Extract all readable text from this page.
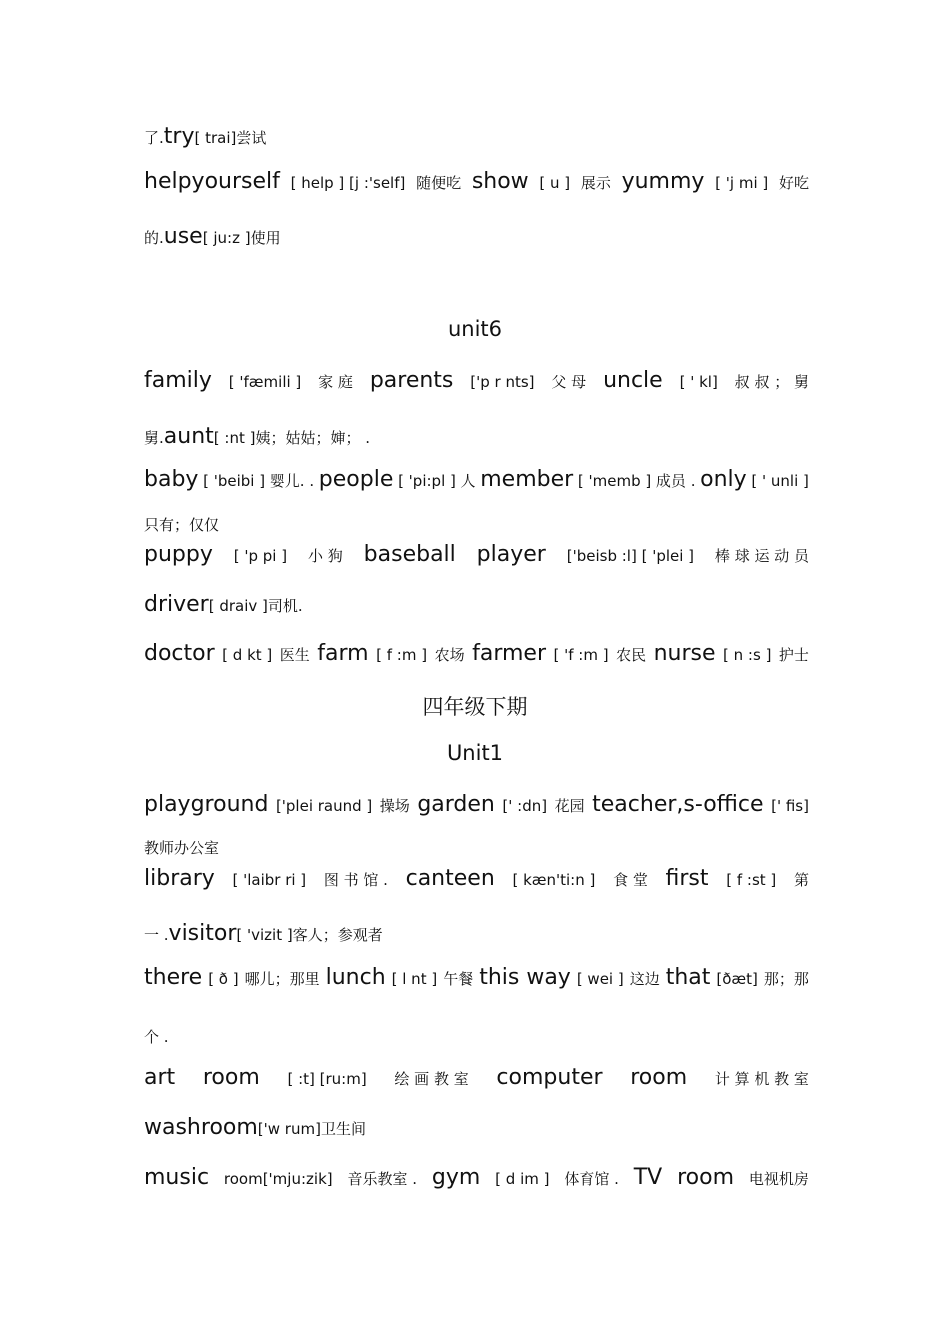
了.try[ trai]尝试
helpyourself [ help ] [j :'self] 随便吃 show [ u ] 展示 yummy [ 'j mi ] 好吃
的.use[ ju:z ]使用
unit6
family [ 'fæmili ] 家 庭 parents ['p r nts] 父 母 uncle [ ' kl] 叔 叔 ； 舅
舅.aunt[ :nt ]姨；姑姑；婶； .
baby [ 'beibi ] 婴儿. . people [ 'pi:pl ] 人 member [ 'memb ] 成员 . only [ ' unli ]
只有；仅仅
puppy [ 'p pi ] 小 狗 baseball player ['beisb :l] [ 'plei ] 棒 球 运 动 员
driver[ draiv ]司机.
doctor [ d kt ] 医生 farm [ f :m ] 农场 farmer [ 'f :m ] 农民 nurse [ n :s ] 护士
四年级下期
Unit1
playground ['plei raund ] 操场 garden [' :dn] 花园 teacher,s-office [' fis]
教师办公室
library [ 'laibr ri ] 图 书 馆 . canteen [ kæn'ti:n ] 食 堂 first [ f :st ] 第
一 .visitor[ 'vizit ]客人；参观者
there [ ð ] 哪儿；那里 lunch [ l nt ] 午餐 this way [ wei ] 这边 that [ðæt] 那；那
个 .
art room [ :t] [ru:m] 绘 画 教 室 computer room 计 算 机 教 室
washroom['w rum]卫生间
music room['mju:zik] 音乐教室 . gym [ d im ] 体育馆 . TV room 电视机房
